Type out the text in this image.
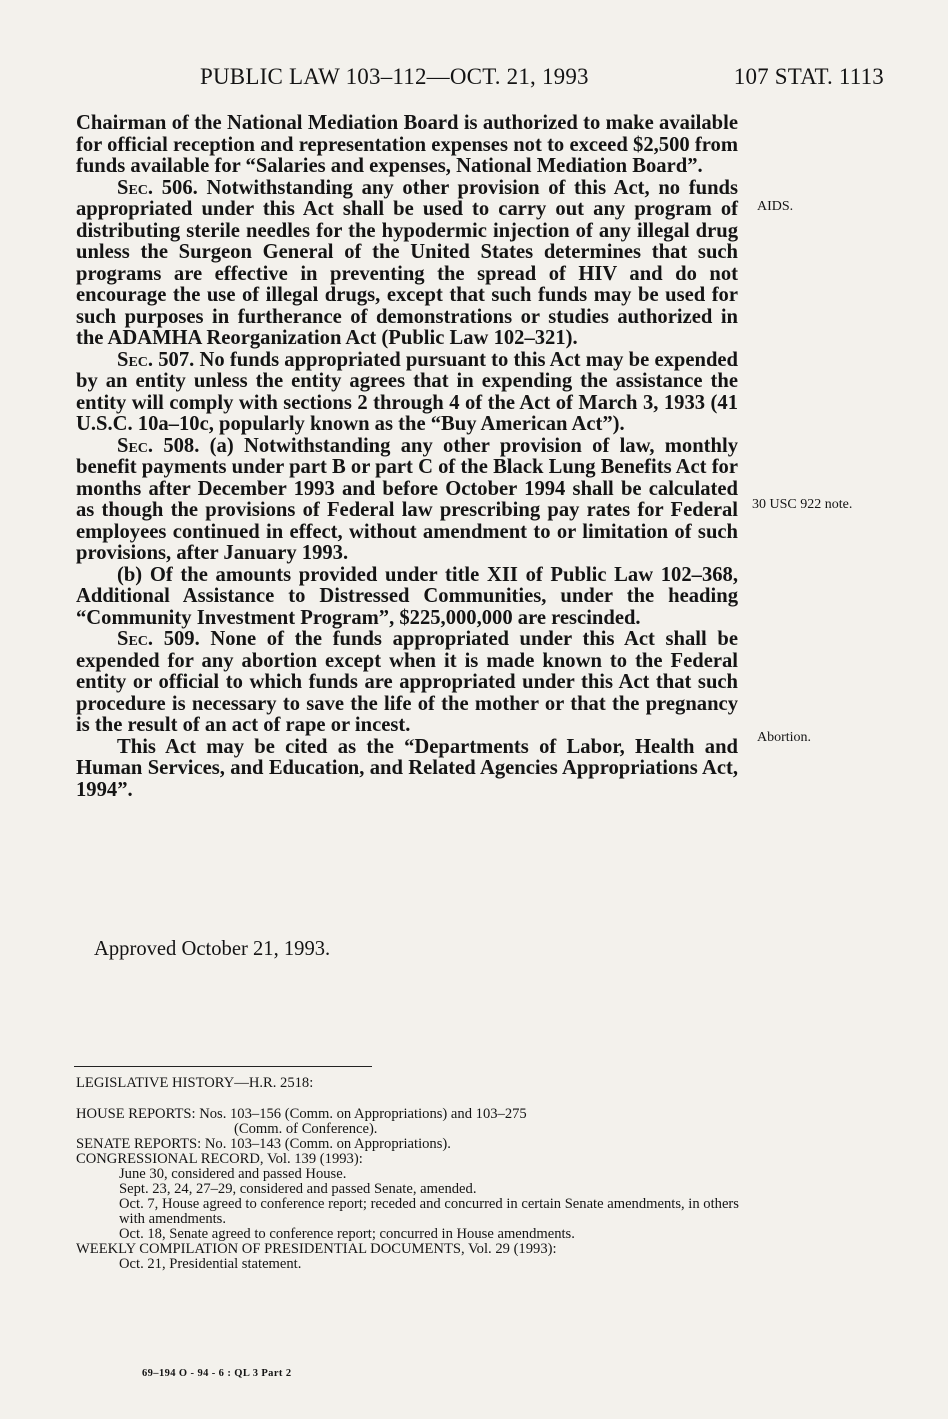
PUBLIC LAW 103–112—OCT. 21, 1993	107 STAT. 1113

Chairman of the National Mediation Board is authorized to make available for official reception and representation expenses not to exceed $2,500 from funds available for “Salaries and expenses, National Mediation Board”.

Sec. 506. Notwithstanding any other provision of this Act, no funds appropriated under this Act shall be used to carry out any program of distributing sterile needles for the hypodermic injection of any illegal drug unless the Surgeon General of the United States determines that such programs are effective in preventing the spread of HIV and do not encourage the use of illegal drugs, except that such funds may be used for such purposes in furtherance of demonstrations or studies authorized in the ADAMHA Reorganization Act (Public Law 102–321).

Sec. 507. No funds appropriated pursuant to this Act may be expended by an entity unless the entity agrees that in expending the assistance the entity will comply with sections 2 through 4 of the Act of March 3, 1933 (41 U.S.C. 10a–10c, popularly known as the “Buy American Act”).

Sec. 508. (a) Notwithstanding any other provision of law, monthly benefit payments under part B or part C of the Black Lung Benefits Act for months after December 1993 and before October 1994 shall be calculated as though the provisions of Federal law prescribing pay rates for Federal employees continued in effect, without amendment to or limitation of such provisions, after January 1993.

(b) Of the amounts provided under title XII of Public Law 102–368, Additional Assistance to Distressed Communities, under the heading “Community Investment Program”, $225,000,000 are rescinded.

Sec. 509. None of the funds appropriated under this Act shall be expended for any abortion except when it is made known to the Federal entity or official to which funds are appropriated under this Act that such procedure is necessary to save the life of the mother or that the pregnancy is the result of an act of rape or incest.

This Act may be cited as the “Departments of Labor, Health and Human Services, and Education, and Related Agencies Appropriations Act, 1994”.

AIDS.
30 USC 922 note.
Abortion.
Approved October 21, 1993.

LEGISLATIVE HISTORY—H.R. 2518:

HOUSE REPORTS: Nos. 103–156 (Comm. on Appropriations) and 103–275

(Comm. of Conference).

SENATE REPORTS: No. 103–143 (Comm. on Appropriations).

CONGRESSIONAL RECORD, Vol. 139 (1993):

June 30, considered and passed House.

Sept. 23, 24, 27–29, considered and passed Senate, amended.

Oct. 7, House agreed to conference report; receded and concurred in certain Senate amendments, in others with amendments.

Oct. 18, Senate agreed to conference report; concurred in House amendments.

WEEKLY COMPILATION OF PRESIDENTIAL DOCUMENTS, Vol. 29 (1993):

Oct. 21, Presidential statement.

69–194 O - 94 - 6 : QL 3 Part 2
